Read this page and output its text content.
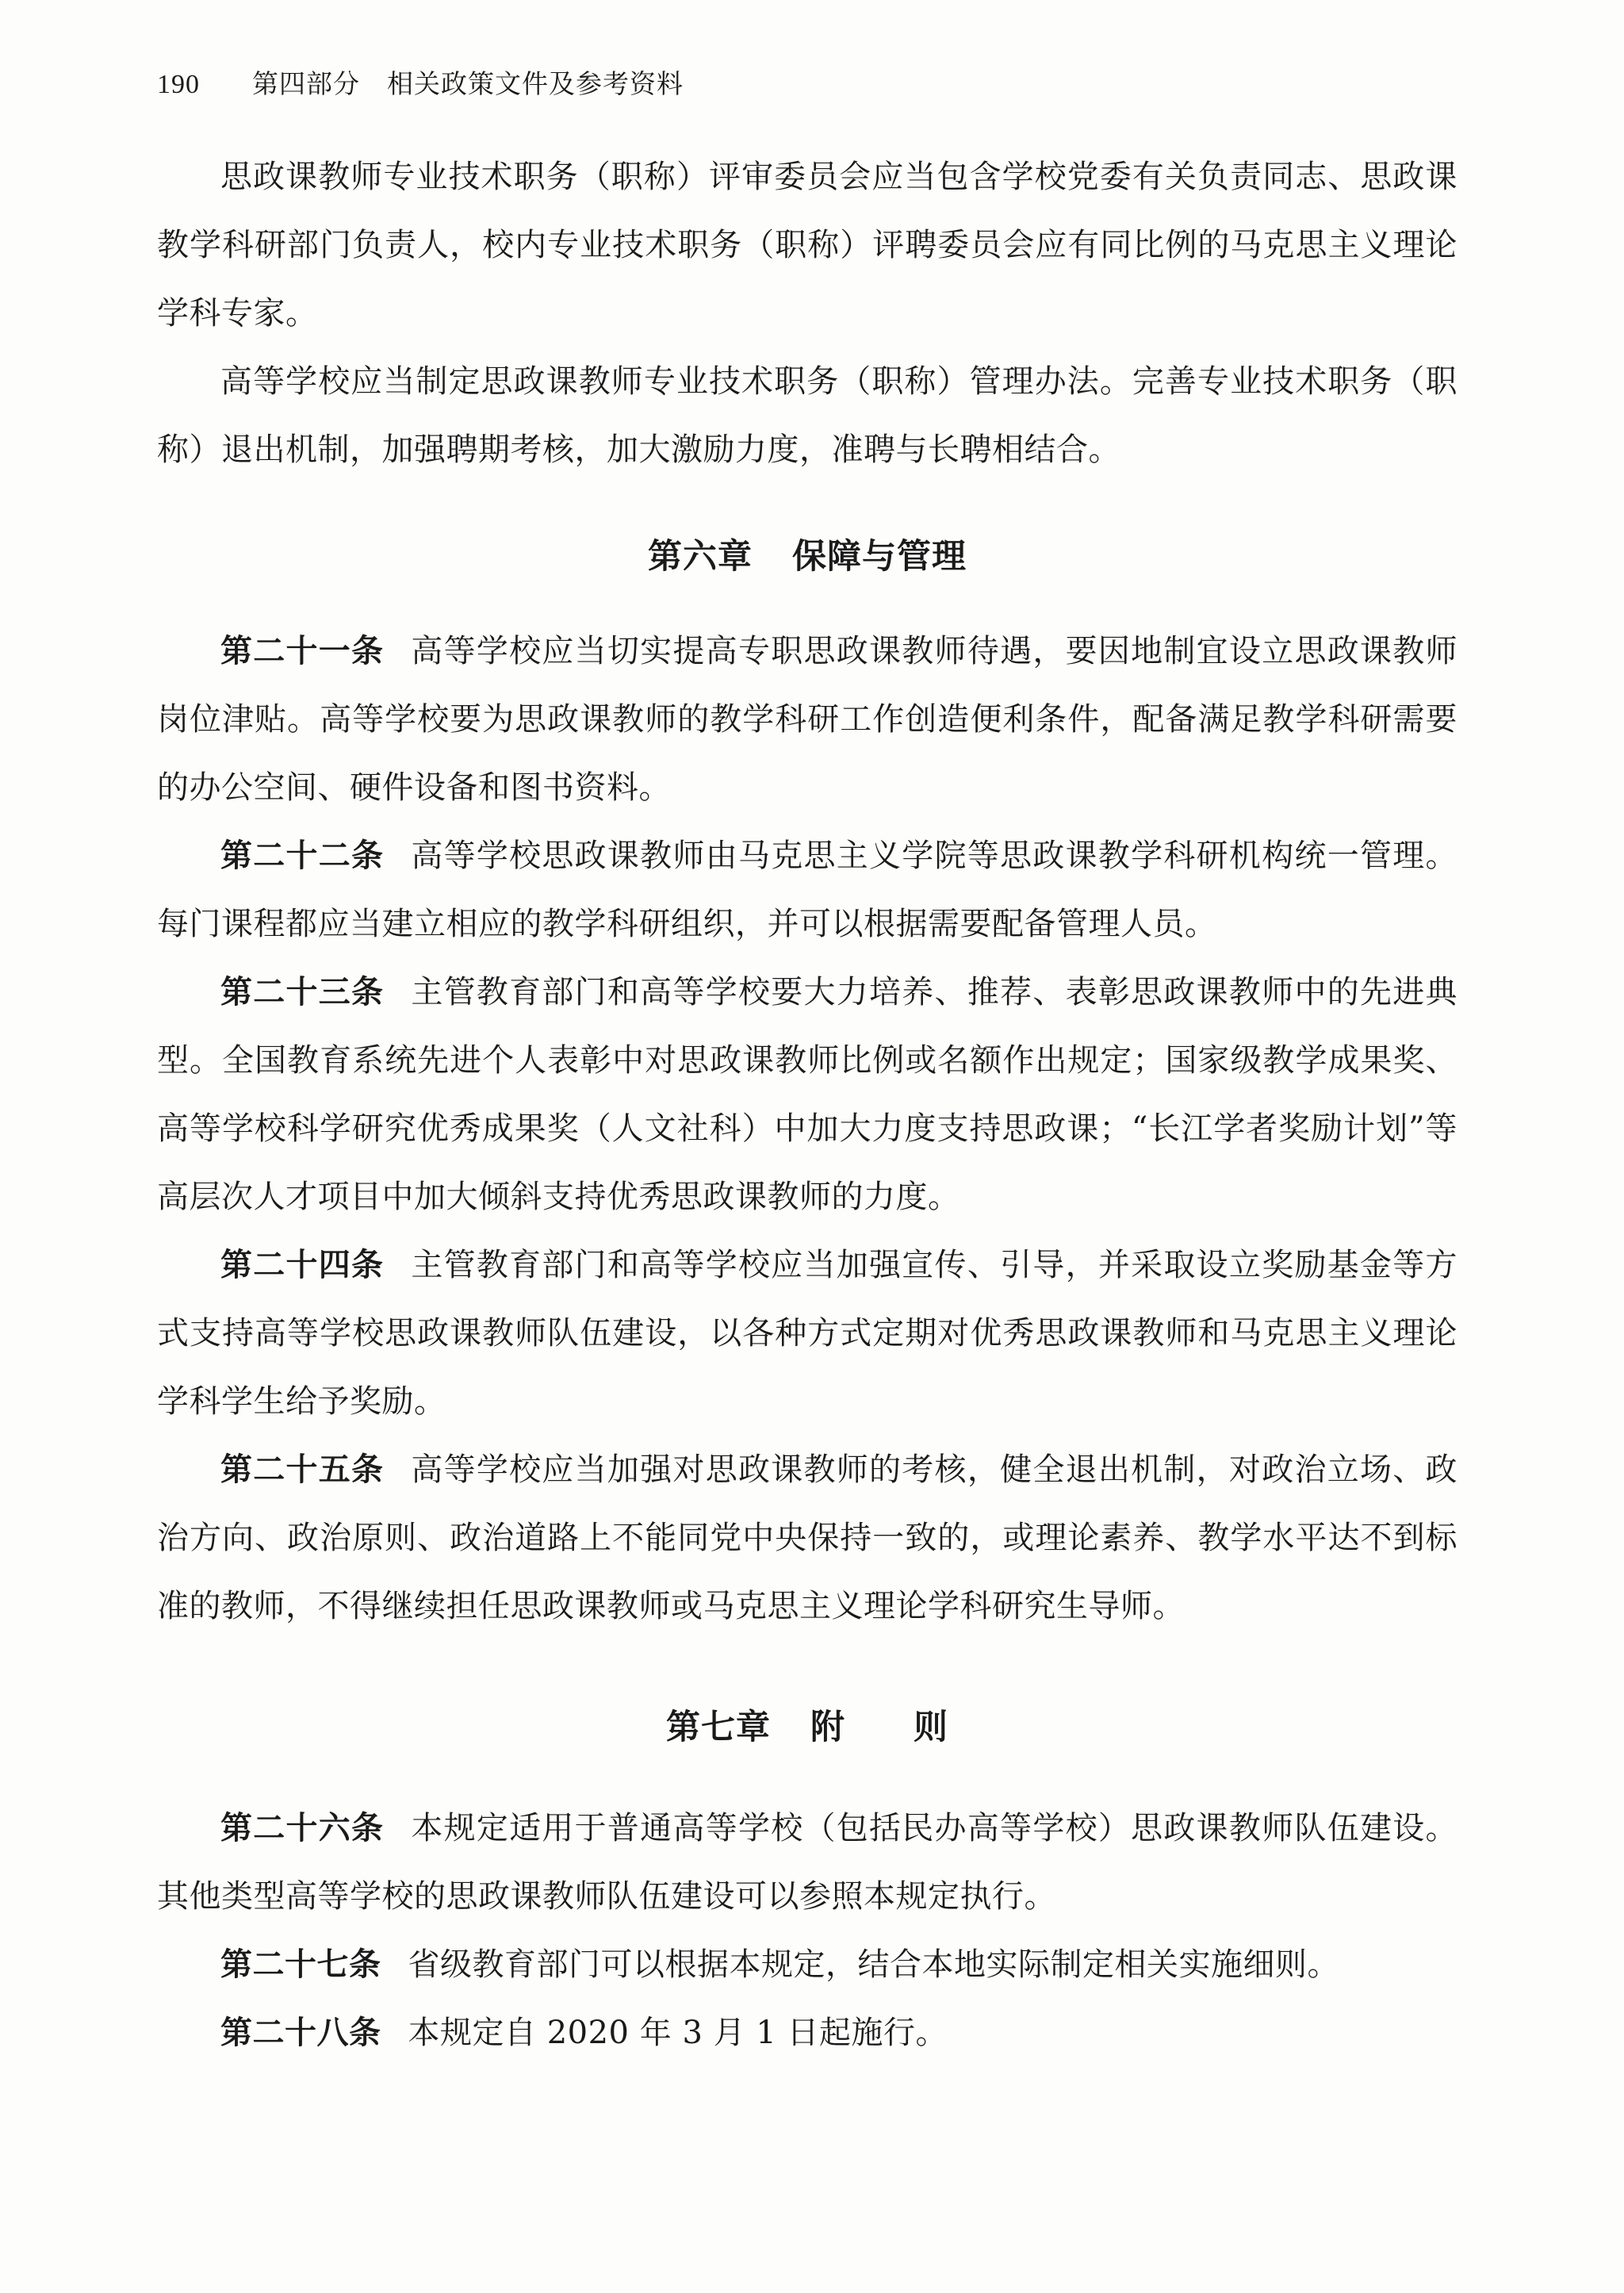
190 第四部分　相关政策文件及参考资料

思政课教师专业技术职务（职称）评审委员会应当包含学校党委有关负责同志、思政课教学科研部门负责人，校内专业技术职务（职称）评聘委员会应有同比例的马克思主义理论学科专家。

高等学校应当制定思政课教师专业技术职务（职称）管理办法。完善专业技术职务（职称）退出机制，加强聘期考核，加大激励力度，准聘与长聘相结合。

第六章 保障与管理

第二十一条 高等学校应当切实提高专职思政课教师待遇，要因地制宜设立思政课教师岗位津贴。高等学校要为思政课教师的教学科研工作创造便利条件，配备满足教学科研需要的办公空间、硬件设备和图书资料。

第二十二条 高等学校思政课教师由马克思主义学院等思政课教学科研机构统一管理。每门课程都应当建立相应的教学科研组织，并可以根据需要配备管理人员。

第二十三条 主管教育部门和高等学校要大力培养、推荐、表彰思政课教师中的先进典型。全国教育系统先进个人表彰中对思政课教师比例或名额作出规定；国家级教学成果奖、高等学校科学研究优秀成果奖（人文社科）中加大力度支持思政课；“长江学者奖励计划”等高层次人才项目中加大倾斜支持优秀思政课教师的力度。

第二十四条 主管教育部门和高等学校应当加强宣传、引导，并采取设立奖励基金等方式支持高等学校思政课教师队伍建设，以各种方式定期对优秀思政课教师和马克思主义理论学科学生给予奖励。

第二十五条 高等学校应当加强对思政课教师的考核，健全退出机制，对政治立场、政治方向、政治原则、政治道路上不能同党中央保持一致的，或理论素养、教学水平达不到标准的教师，不得继续担任思政课教师或马克思主义理论学科研究生导师。

第七章 附 则

第二十六条 本规定适用于普通高等学校（包括民办高等学校）思政课教师队伍建设。其他类型高等学校的思政课教师队伍建设可以参照本规定执行。

第二十七条 省级教育部门可以根据本规定，结合本地实际制定相关实施细则。

第二十八条 本规定自 2020 年 3 月 1 日起施行。
